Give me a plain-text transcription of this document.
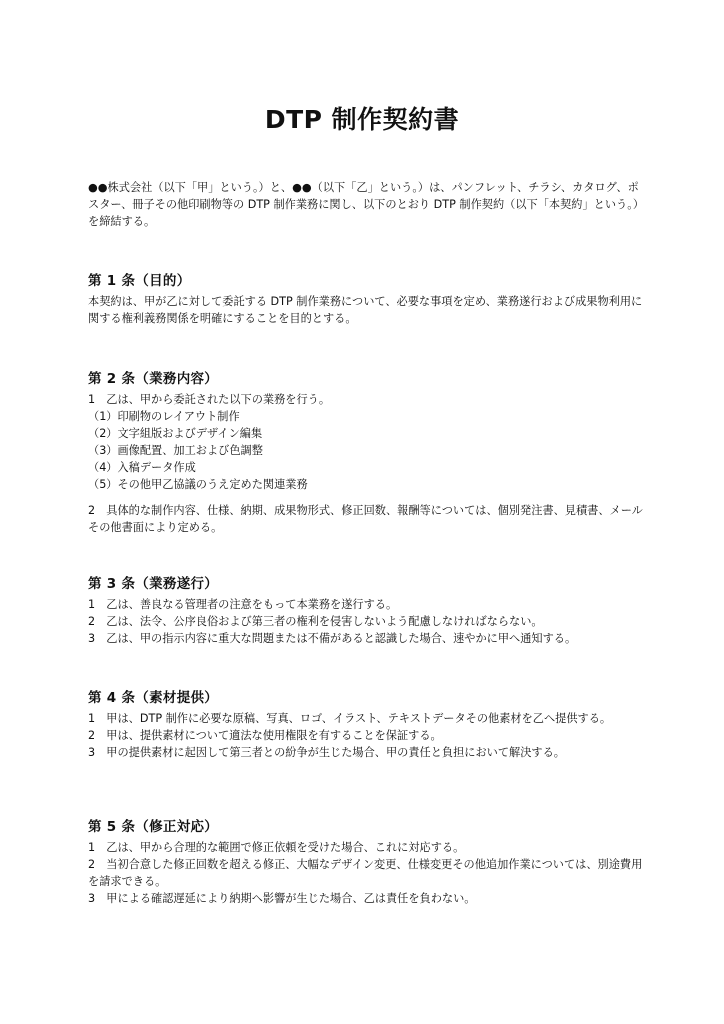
DTP 制作契約書

●●株式会社（以下「甲」という。）と、●●（以下「乙」という。）は、パンフレット、チラシ、カタログ、ポスター、冊子その他印刷物等の DTP 制作業務に関し、以下のとおり DTP 制作契約（以下「本契約」という。）を締結する。

第 1 条（目的）

本契約は、甲が乙に対して委託する DTP 制作業務について、必要な事項を定め、業務遂行および成果物利用に関する権利義務関係を明確にすることを目的とする。

第 2 条（業務内容）

1　乙は、甲から委託された以下の業務を行う。

（1）印刷物のレイアウト制作

（2）文字組版およびデザイン編集

（3）画像配置、加工および色調整

（4）入稿データ作成

（5）その他甲乙協議のうえ定めた関連業務

2　具体的な制作内容、仕様、納期、成果物形式、修正回数、報酬等については、個別発注書、見積書、メールその他書面により定める。

第 3 条（業務遂行）

1　乙は、善良なる管理者の注意をもって本業務を遂行する。

2　乙は、法令、公序良俗および第三者の権利を侵害しないよう配慮しなければならない。

3　乙は、甲の指示内容に重大な問題または不備があると認識した場合、速やかに甲へ通知する。

第 4 条（素材提供）

1　甲は、DTP 制作に必要な原稿、写真、ロゴ、イラスト、テキストデータその他素材を乙へ提供する。

2　甲は、提供素材について適法な使用権限を有することを保証する。

3　甲の提供素材に起因して第三者との紛争が生じた場合、甲の責任と負担において解決する。

第 5 条（修正対応）

1　乙は、甲から合理的な範囲で修正依頼を受けた場合、これに対応する。

2　当初合意した修正回数を超える修正、大幅なデザイン変更、仕様変更その他追加作業については、別途費用を請求できる。

3　甲による確認遅延により納期へ影響が生じた場合、乙は責任を負わない。
